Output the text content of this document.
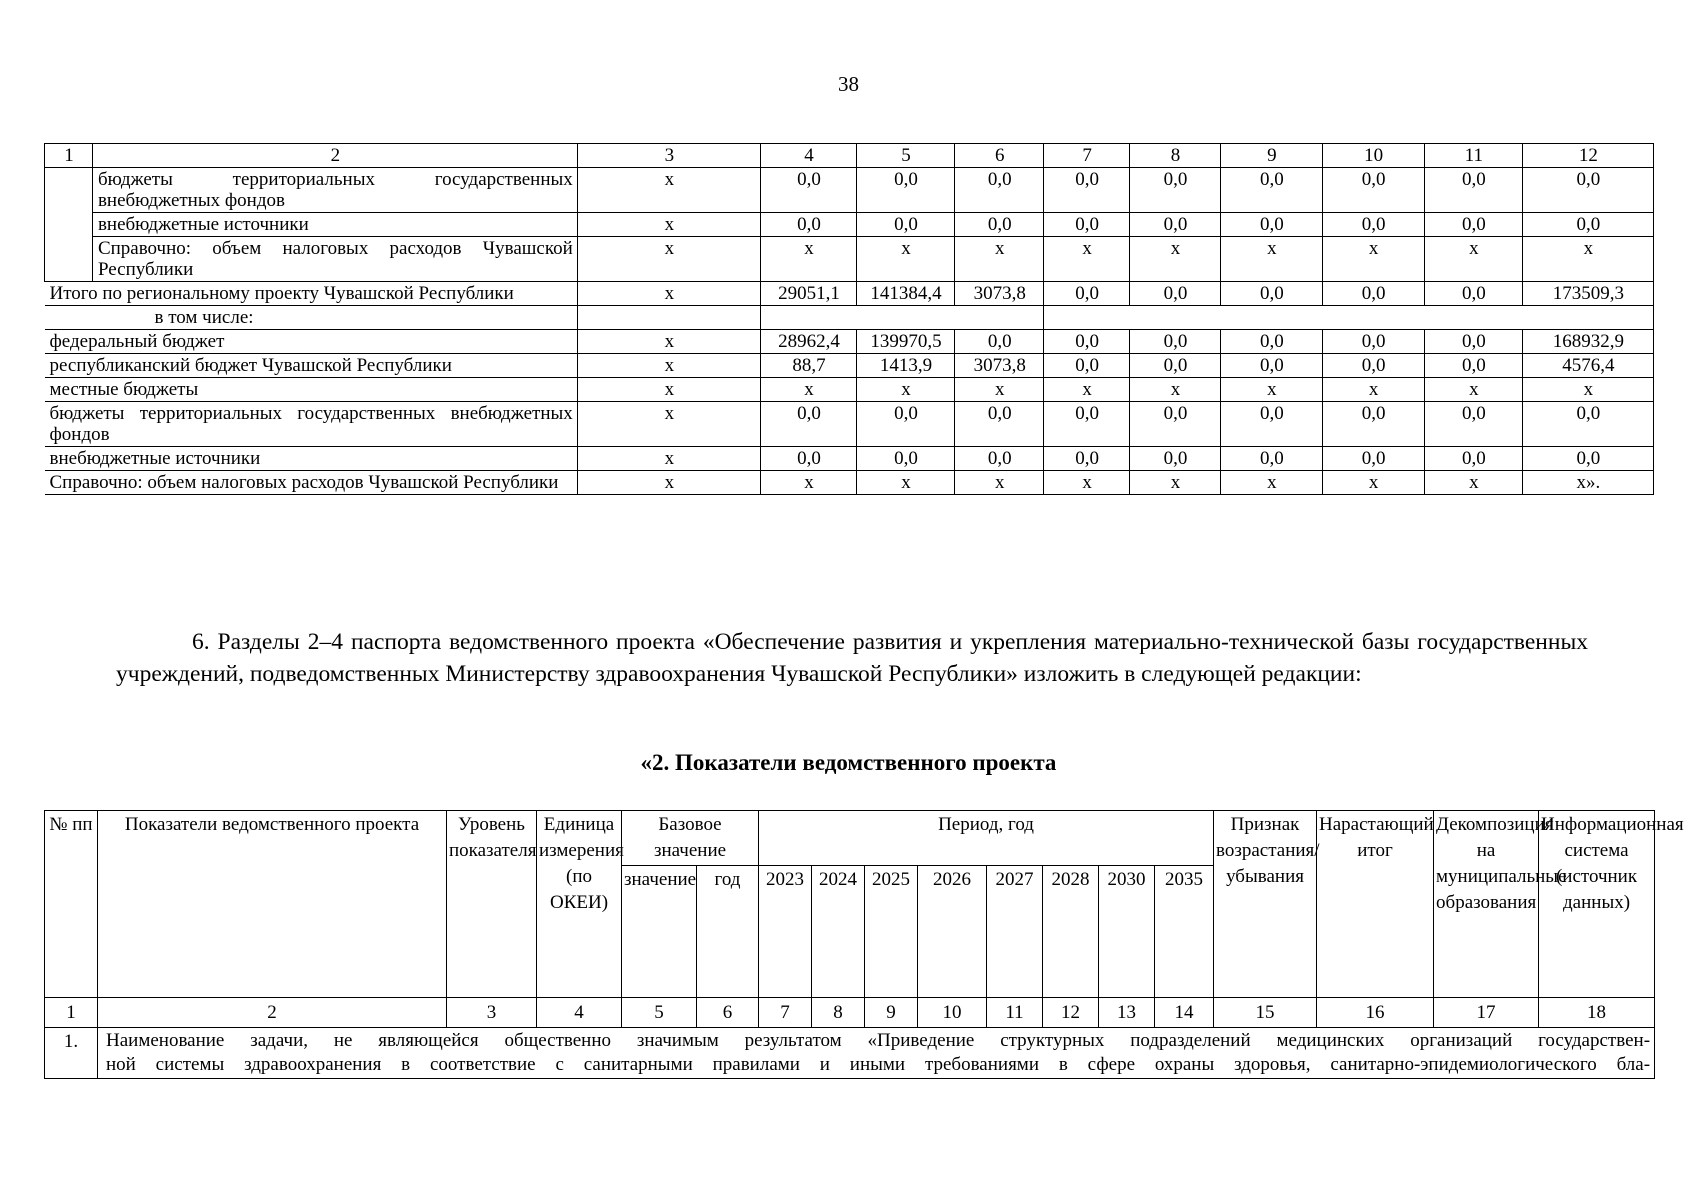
38
1	2	3	4	5	6	7	8	9	10	11	12
	бюджеты территориальных государственных внебюджетных фондов	x	0,0	0,0	0,0	0,0	0,0	0,0	0,0	0,0	0,0
	внебюджетные источники	x	0,0	0,0	0,0	0,0	0,0	0,0	0,0	0,0	0,0
	Справочно: объем налоговых расходов Чувашской Республики	x	x	x	x	x	x	x	x	x	x
Итого по региональному проекту Чувашской Республики		x	29051,1	141384,4	3073,8	0,0	0,0	0,0	0,0	0,0	173509,3
в том числе:											
федеральный бюджет		x	28962,4	139970,5	0,0	0,0	0,0	0,0	0,0	0,0	168932,9
республиканский бюджет Чувашской Республики		x	88,7	1413,9	3073,8	0,0	0,0	0,0	0,0	0,0	4576,4
местные бюджеты		x	x	x	x	x	x	x	x	x	x
бюджеты территориальных государственных внебюджетных фондов		x	0,0	0,0	0,0	0,0	0,0	0,0	0,0	0,0	0,0
внебюджетные источники		x	0,0	0,0	0,0	0,0	0,0	0,0	0,0	0,0	0,0
Справочно: объем налоговых расходов Чувашской Республики		x	x	x	x	x	x	x	x	x	x».
6. Разделы 2–4 паспорта ведомственного проекта «Обеспечение развития и укрепления материально-технической базы государственных учреждений, подведомственных Министерству здравоохранения Чувашской Республики» изложить в следующей редакции:
«2. Показатели ведомственного проекта
№ пп	Показатели ведомственного проекта	Уровень показателя	Единица измерения (по ОКЕИ)	Базовое значение		Период, год								Признак возрастания/ убывания	Нарастающий итог	Декомпозиция на муниципальные образования	Информационная система (источник данных)
				значение	год	2023	2024	2025	2026	2027	2028	2030	2035				
1	2	3	4	5	6	7	8	9	10	11	12	13	14	15	16	17	18
1.	Наименование задачи, не являющейся общественно значимым результатом «Приведение структурных подразделений медицинских организаций государствен-
ной системы здравоохранения в соответствие с санитарными правилами и иными требованиями в сфере охраны здоровья, санитарно-эпидемиологического бла-																
